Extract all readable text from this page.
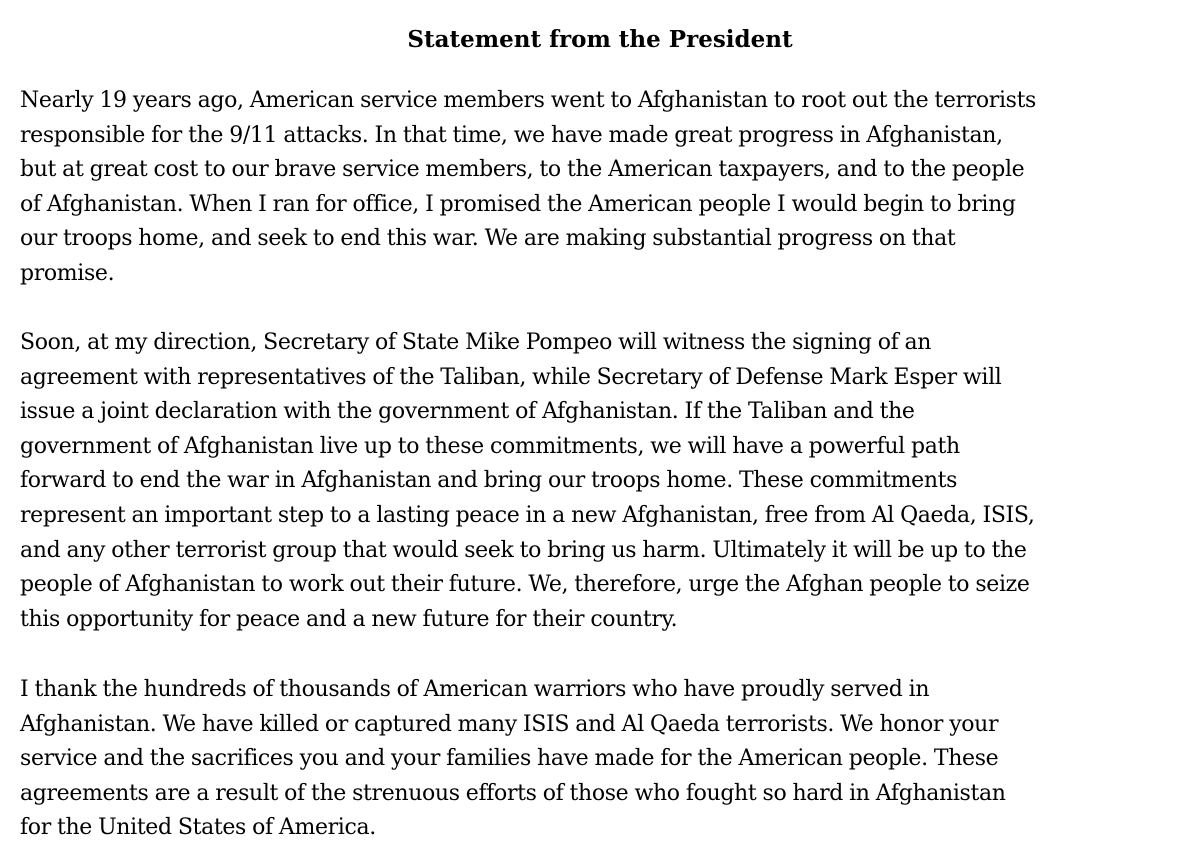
Statement from the President

Nearly 19 years ago, American service members went to Afghanistan to root out the terrorists
responsible for the 9/11 attacks. In that time, we have made great progress in Afghanistan,
but at great cost to our brave service members, to the American taxpayers, and to the people
of Afghanistan. When I ran for office, I promised the American people I would begin to bring
our troops home, and seek to end this war. We are making substantial progress on that
promise.

Soon, at my direction, Secretary of State Mike Pompeo will witness the signing of an
agreement with representatives of the Taliban, while Secretary of Defense Mark Esper will
issue a joint declaration with the government of Afghanistan. If the Taliban and the
government of Afghanistan live up to these commitments, we will have a powerful path
forward to end the war in Afghanistan and bring our troops home. These commitments
represent an important step to a lasting peace in a new Afghanistan, free from Al Qaeda, ISIS,
and any other terrorist group that would seek to bring us harm. Ultimately it will be up to the
people of Afghanistan to work out their future. We, therefore, urge the Afghan people to seize
this opportunity for peace and a new future for their country.

I thank the hundreds of thousands of American warriors who have proudly served in
Afghanistan. We have killed or captured many ISIS and Al Qaeda terrorists. We honor your
service and the sacrifices you and your families have made for the American people. These
agreements are a result of the strenuous efforts of those who fought so hard in Afghanistan
for the United States of America.
